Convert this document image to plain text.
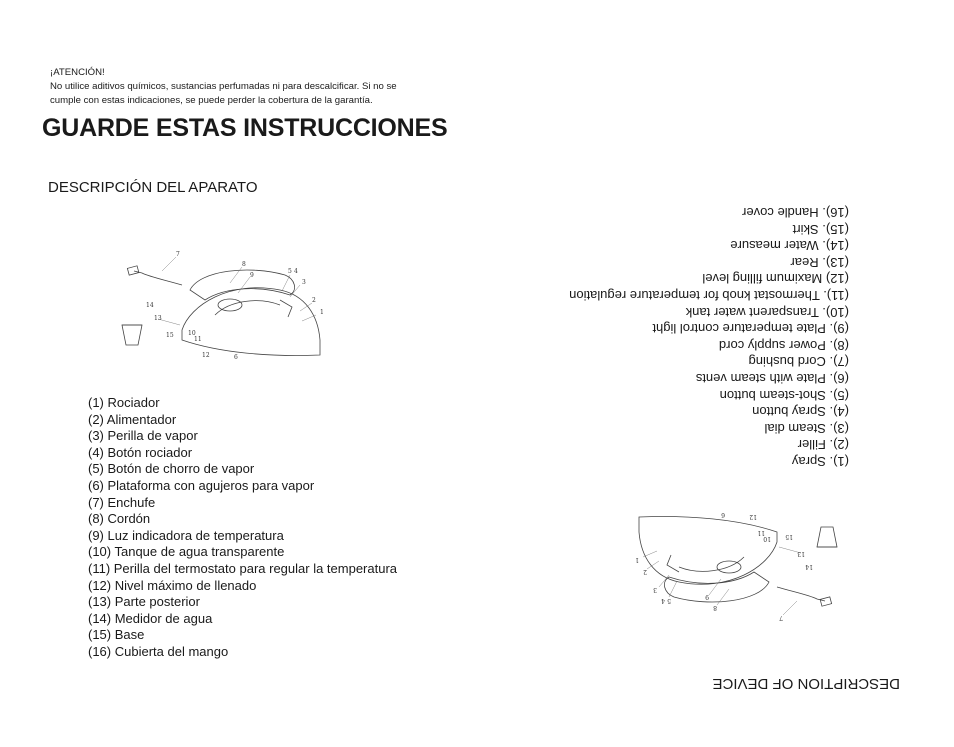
¡ATENCIÓN!
No utilice aditivos químicos, sustancias perfumadas ni para descalcificar. Si no se
cumple con estas indicaciones, se puede perder la cobertura de la garantía.
GUARDE ESTAS INSTRUCCIONES
DESCRIPCIÓN DEL APARATO
7
8
9
5 4
3
2
1
14
13
15 10
11
12	6
(1) Rociador
(2) Alimentador
(3) Perilla de vapor
(4) Botón rociador
(5) Botón de chorro de vapor
(6) Plataforma con agujeros para vapor
(7) Enchufe
(8) Cordón
(9) Luz indicadora de temperatura
(10) Tanque de agua transparente
(11) Perilla del termostato para regular la temperatura
(12) Nivel máximo de llenado
(13) Parte posterior
(14) Medidor de agua
(15) Base
(16) Cubierta del mango
DESCRIPTION OF DEVICE
7
8
9
5
4
3
2
1
14
13
15
10
11
12
6
(1). Spray
(2). Filler
(3). Steam dial
(4). Spray button
(5). Shot-steam button
(6). Plate with steam vents
(7). Cord bushing
(8). Power supply cord
(9). Plate temperature control light
(10). Transparent water tank
(11). Thermostat knob for temperature regulation
(12) Maximum filling level
(13). Rear
(14). Water measure
(15). Skirt
(16). Handle cover
